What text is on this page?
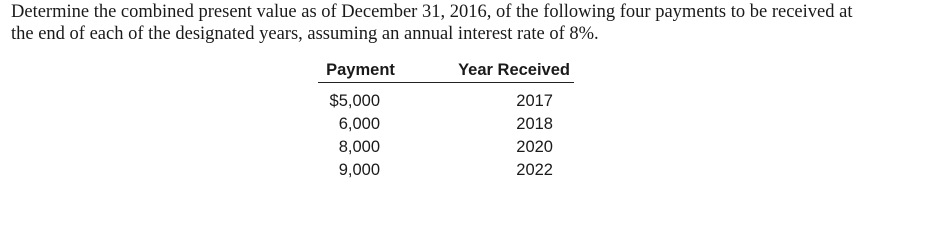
Determine the combined present value as of December 31, 2016, of the following four payments to be received at
the end of each of the designated years, assuming an annual interest rate of 8%.

Payment	Year Received
$5,000	2017
6,000	2018
8,000	2020
9,000	2022
